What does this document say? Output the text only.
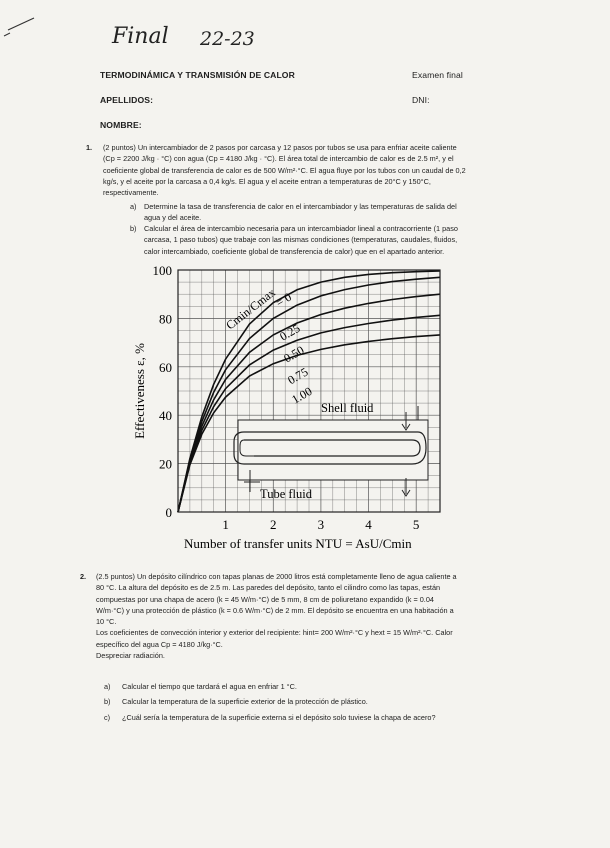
Final 22-23
TERMODINÁMICA Y TRANSMISIÓN DE CALOR	Examen final
APELLIDOS:	DNI:
NOMBRE:
1. (2 puntos) Un intercambiador de 2 pasos por carcasa y 12 pasos por tubos se usa para enfriar aceite caliente
(Cp = 2200 J/kg · °C) con agua (Cp = 4180 J/kg · °C). El área total de intercambio de calor es de 2.5 m², y el
coeficiente global de transferencia de calor es de 500 W/m²·°C. El agua fluye por los tubos con un caudal de 0,2
kg/s, y el aceite por la carcasa a 0,4 kg/s. El agua y el aceite entran a temperaturas de 20°C y 150°C,
respectivamente.
a)	Determine la tasa de transferencia de calor en el intercambiador y las temperaturas de salida del
agua y del aceite.
b)	Calcular el área de intercambio necesaria para un intercambiador lineal a contracorriente (1 paso
carcasa, 1 paso tubos) que trabaje con las mismas condiciones (temperaturas, caudales, fluidos,
calor intercambiado, coeficiente global de transferencia de calor) que en el apartado anterior.
0
20
40
60
80
100
1	2	3	4	5
= 0
0.25
0.50
0.75
1.00
Effectiveness ε, %
Number of transfer units NTU = AsU/Cmin
Cmin/Cmax
Shell fluid
Tube fluid
2. (2.5 puntos) Un depósito cilíndrico con tapas planas de 2000 litros está completamente lleno de agua caliente a
80 °C. La altura del depósito es de 2.5 m. Las paredes del depósito, tanto el cilindro como las tapas, están
compuestas por una chapa de acero (k = 45 W/m·°C) de 5 mm, 8 cm de poliuretano expandido (k = 0.04
W/m·°C) y una protección de plástico (k = 0.6 W/m·°C) de 2 mm. El depósito se encuentra en una habitación a
10 °C.
Los coeficientes de convección interior y exterior del recipiente: hint= 200 W/m²·°C y hext = 15 W/m²·°C. Calor
específico del agua Cp = 4180 J/kg·°C.
Despreciar radiación.
a)	Calcular el tiempo que tardará el agua en enfriar 1 °C.
b)	Calcular la temperatura de la superficie exterior de la protección de plástico.
c)	¿Cuál sería la temperatura de la superficie externa si el depósito solo tuviese la chapa de acero?
